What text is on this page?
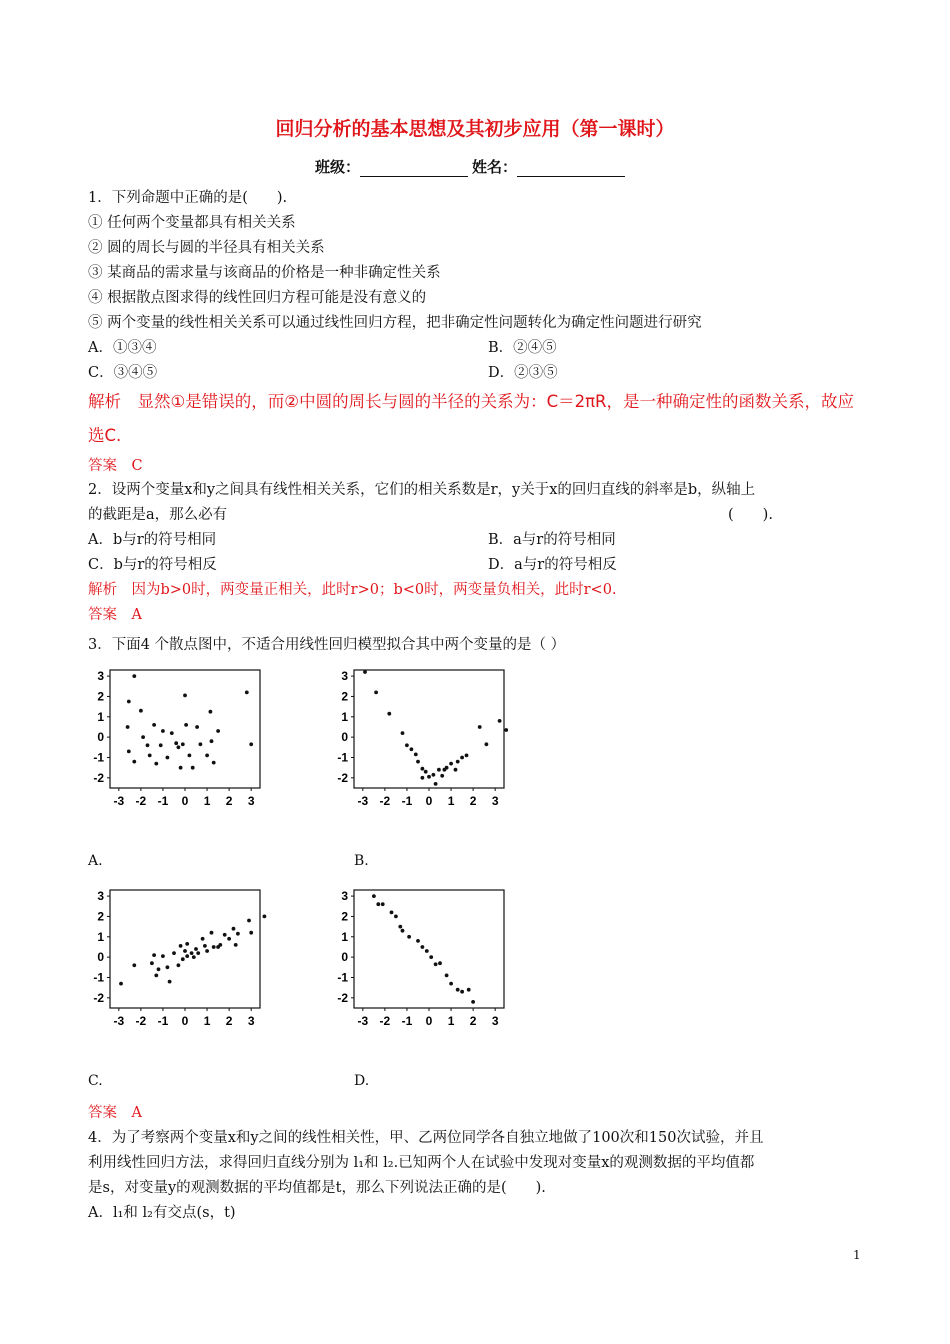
回归分析的基本思想及其初步应用（第一课时）
班级：	姓名：
1．下列命题中正确的是(　　).
① 任何两个变量都具有相关关系
② 圆的周长与圆的半径具有相关关系
③ 某商品的需求量与该商品的价格是一种非确定性关系
④ 根据散点图求得的线性回归方程可能是没有意义的
⑤ 两个变量的线性相关关系可以通过线性回归方程，把非确定性问题转化为确定性问题进行研究
A．①③④	B．②④⑤
C．③④⑤	D．②③⑤
解析　显然①是错误的，而②中圆的周长与圆的半径的关系为：C＝2πR，是一种确定性的函数关系，故应
选C.
答案　C
2．设两个变量x和y之间具有线性相关关系，它们的相关系数是r，y关于x的回归直线的斜率是b，纵轴上
的截距是a，那么必有	(　　).
A．b与r的符号相同	B．a与r的符号相同
C．b与r的符号相反	D．a与r的符号相反
解析　因为b>0时，两变量正相关，此时r>0；b<0时，两变量负相关，此时r<0.
答案　A
3．下面4 个散点图中，不适合用线性回归模型拟合其中两个变量的是（ ）
-3 -2 -1 0 1 2 3
3
2
1
0
-1
-2
-3 -2 -1 0 1 2 3
3
2
1
0
-1
-2
-3 -2 -1 0 1 2 3
3
2
1
0
-1
-2
-3 -2 -1 0 1 2 3
3
2
1
0
-1
-2
A.	B.
C.	D.
答案　A
4．为了考察两个变量x和y之间的线性相关性，甲、乙两位同学各自独立地做了100次和150次试验，并且
利用线性回归方法，求得回归直线分别为 l₁和 l₂.已知两个人在试验中发现对变量x的观测数据的平均值都
是s，对变量y的观测数据的平均值都是t，那么下列说法正确的是(　　).
A．l₁和 l₂有交点(s，t)
1
